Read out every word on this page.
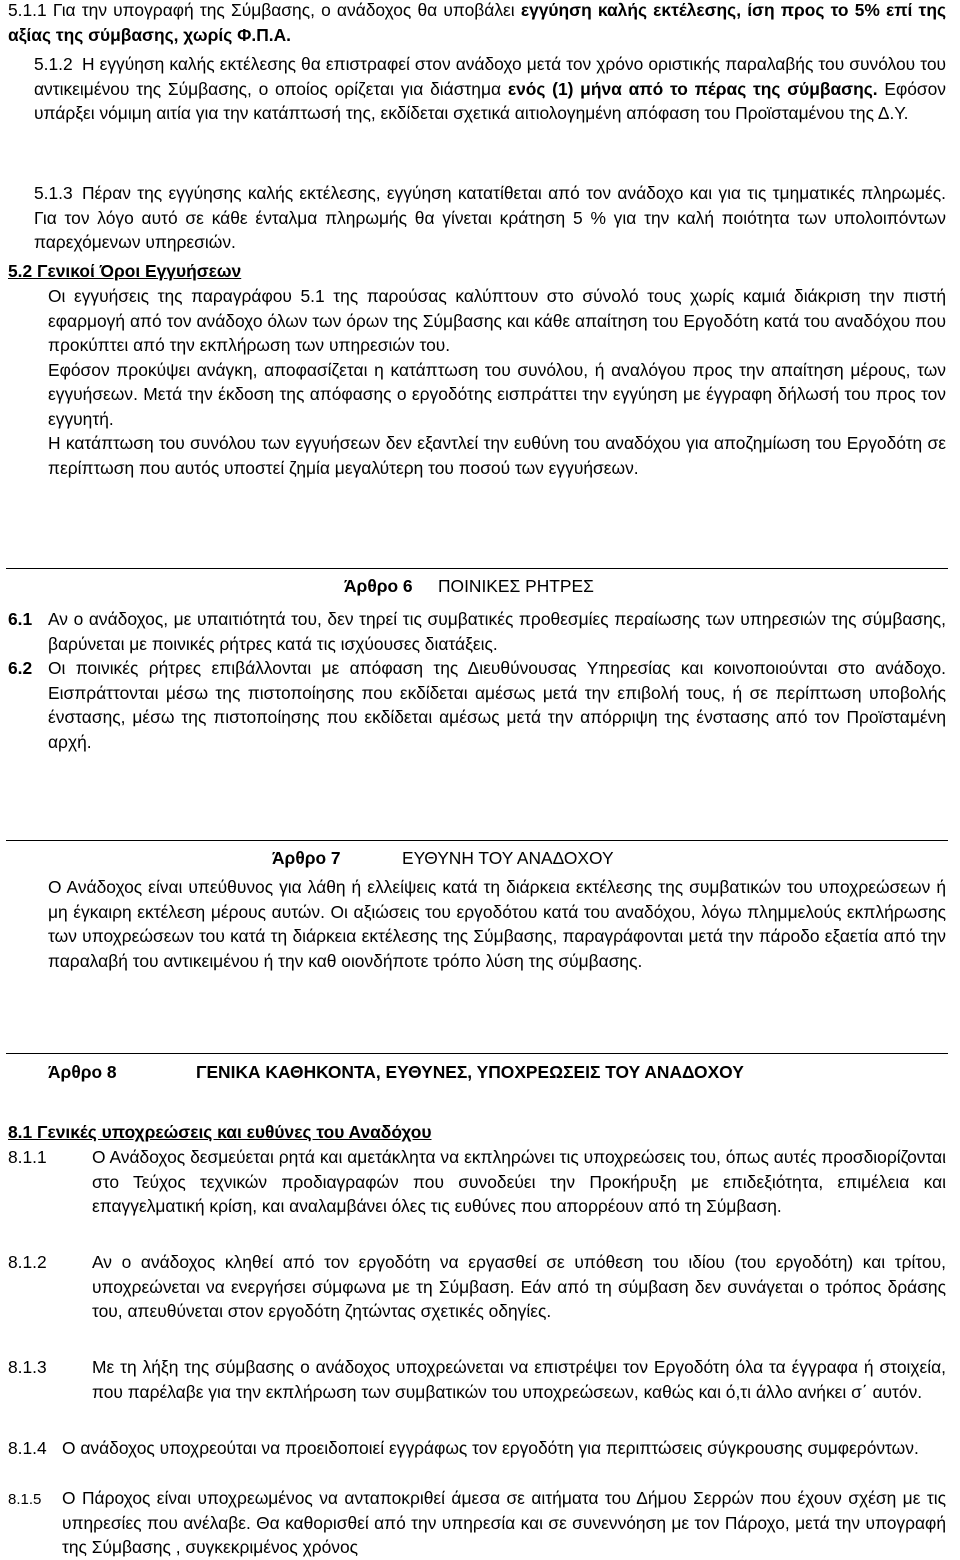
5.1.1 Για την υπογραφή της Σύμβασης, ο ανάδοχος θα υποβάλει εγγύηση καλής εκτέλεσης, ίση προς το 5% επί της αξίας της σύμβασης, χωρίς Φ.Π.Α.

5.1.2 Η εγγύηση καλής εκτέλεσης θα επιστραφεί στον ανάδοχο μετά τον χρόνο οριστικής παραλαβής του συνόλου του αντικειμένου της Σύμβασης, ο οποίος ορίζεται για διάστημα ενός (1) μήνα από το πέρας της σύμβασης. Εφόσον υπάρξει νόμιμη αιτία για την κατάπτωσή της, εκδίδεται σχετικά αιτιολογημένη απόφαση του Προϊσταμένου της Δ.Υ.

5.1.3 Πέραν της εγγύησης καλής εκτέλεσης, εγγύηση κατατίθεται από τον ανάδοχο και για τις τμηματικές πληρωμές. Για τον λόγο αυτό σε κάθε ένταλμα πληρωμής θα γίνεται κράτηση 5 % για την καλή ποιότητα των υπολοιπόντων παρεχόμενων υπηρεσιών.

5.2 Γενικοί Όροι Εγγυήσεων

Οι εγγυήσεις της παραγράφου 5.1 της παρούσας καλύπτουν στο σύνολό τους χωρίς καμιά διάκριση την πιστή εφαρμογή από τον ανάδοχο όλων των όρων της Σύμβασης και κάθε απαίτηση του Εργοδότη κατά του αναδόχου που προκύπτει από την εκπλήρωση των υπηρεσιών του.

Εφόσον προκύψει ανάγκη, αποφασίζεται η κατάπτωση του συνόλου, ή αναλόγου προς την απαίτηση μέρους, των εγγυήσεων. Μετά την έκδοση της απόφασης ο εργοδότης εισπράττει την εγγύηση με έγγραφη δήλωσή του προς τον εγγυητή.

Η κατάπτωση του συνόλου των εγγυήσεων δεν εξαντλεί την ευθύνη του αναδόχου για αποζημίωση του Εργοδότη σε περίπτωση που αυτός υποστεί ζημία μεγαλύτερη του ποσού των εγγυήσεων.

Άρθρο 6 ΠΟΙΝΙΚΕΣ ΡΗΤΡΕΣ
6.1 Αν ο ανάδοχος, με υπαιτιότητά του, δεν τηρεί τις συμβατικές προθεσμίες περαίωσης των υπηρεσιών της σύμβασης, βαρύνεται με ποινικές ρήτρες κατά τις ισχύουσες διατάξεις.

6.2 Οι ποινικές ρήτρες επιβάλλονται με απόφαση της Διευθύνουσας Υπηρεσίας και κοινοποιούνται στο ανάδοχο. Εισπράττονται μέσω της πιστοποίησης που εκδίδεται αμέσως μετά την επιβολή τους, ή σε περίπτωση υποβολής ένστασης, μέσω της πιστοποίησης που εκδίδεται αμέσως μετά την απόρριψη της ένστασης από τον Προϊσταμένη αρχή.

Άρθρο 7	ΕΥΘΥΝΗ ΤΟΥ ΑΝΑΔΟΧΟΥ

Ο Ανάδοχος είναι υπεύθυνος για λάθη ή ελλείψεις κατά τη διάρκεια εκτέλεσης της συμβατικών του υποχρεώσεων ή μη έγκαιρη εκτέλεση μέρους αυτών. Οι αξιώσεις του εργοδότου κατά του αναδόχου, λόγω πλημμελούς εκπλήρωσης των υποχρεώσεων του κατά τη διάρκεια εκτέλεσης της Σύμβασης, παραγράφονται μετά την πάροδο εξαετία από την παραλαβή του αντικειμένου ή την καθ οιονδήποτε τρόπο λύση της σύμβασης.

Άρθρο 8	ΓΕΝΙΚΑ ΚΑΘΗΚΟΝΤΑ, ΕΥΘΥΝΕΣ, ΥΠΟΧΡΕΩΣΕΙΣ ΤΟΥ ΑΝΑΔΟΧΟΥ
8.1 Γενικές υποχρεώσεις και ευθύνες του Αναδόχου
8.1.1	Ο Ανάδοχος δεσμεύεται ρητά και αμετάκλητα να εκπληρώνει τις υποχρεώσεις του, όπως αυτές προσδιορίζονται στο Τεύχος τεχνικών προδιαγραφών που συνοδεύει την Προκήρυξη με επιδεξιότητα, επιμέλεια και επαγγελματική κρίση, και αναλαμβάνει όλες τις ευθύνες που απορρέουν από τη Σύμβαση.

8.1.2	Αν ο ανάδοχος κληθεί από τον εργοδότη να εργασθεί σε υπόθεση του ιδίου (του εργοδότη) και τρίτου, υποχρεώνεται να ενεργήσει σύμφωνα με τη Σύμβαση. Εάν από τη σύμβαση δεν συνάγεται ο τρόπος δράσης του, απευθύνεται στον εργοδότη ζητώντας σχετικές οδηγίες.

8.1.3	Με τη λήξη της σύμβασης ο ανάδοχος υποχρεώνεται να επιστρέψει τον Εργοδότη όλα τα έγγραφα ή στοιχεία, που παρέλαβε για την εκπλήρωση των συμβατικών του υποχρεώσεων, καθώς και ό,τι άλλο ανήκει σ΄ αυτόν.

8.1.4 Ο ανάδοχος υποχρεούται να προειδοποιεί εγγράφως τον εργοδότη για περιπτώσεις σύγκρουσης συμφερόντων.

8.1.5 Ο Πάροχος είναι υποχρεωμένος να ανταποκριθεί άμεσα σε αιτήματα του Δήμου Σερρών που έχουν σχέση με τις υπηρεσίες που ανέλαβε. Θα καθορισθεί από την υπηρεσία και σε συνεννόηση με τον Πάροχο, μετά την υπογραφή της Σύμβασης , συγκεκριμένος χρόνος
